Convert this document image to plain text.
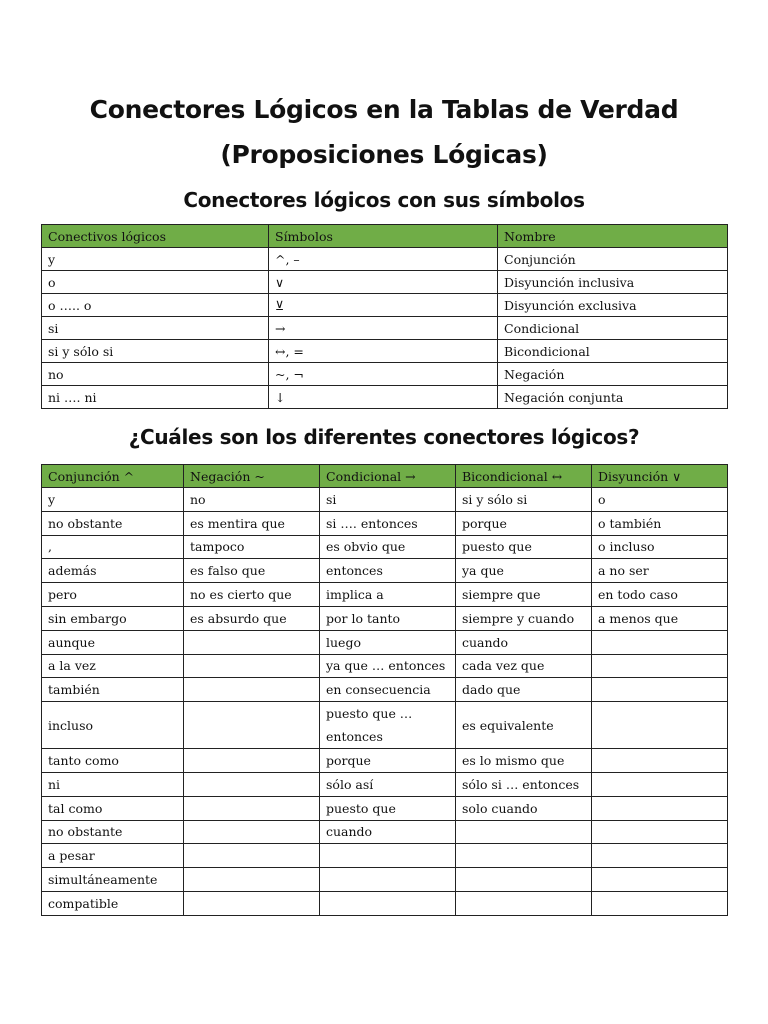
Conectores Lógicos en la Tablas de Verdad
(Proposiciones Lógicas)
Conectores lógicos con sus símbolos
Conectivos lógicos	Símbolos	Nombre
y	^, –	Conjunción
o	∨	Disyunción inclusiva
o ….. o	⊻	Disyunción exclusiva
si	→	Condicional
si y sólo si	↔, =	Bicondicional
no	~, ¬	Negación
ni …. ni	↓	Negación conjunta
¿Cuáles son los diferentes conectores lógicos?
Conjunción ^	Negación ~	Condicional →	Bicondicional ↔	Disyunción ∨
y	no	si	si y sólo si	o
no obstante	es mentira que	si …. entonces	porque	o también
,	tampoco	es obvio que	puesto que	o incluso
además	es falso que	entonces	ya que	a no ser
pero	no es cierto que	implica a	siempre que	en todo caso
sin embargo	es absurdo que	por lo tanto	siempre y cuando	a menos que
aunque		luego	cuando	
a la vez		ya que … entonces	cada vez que	
también		en consecuencia	dado que	
incluso		puesto que … entonces	es equivalente	
tanto como		porque	es lo mismo que	
ni		sólo así	sólo si … entonces	
tal como		puesto que	solo cuando	
no obstante		cuando		
a pesar				
simultáneamente				
compatible				
